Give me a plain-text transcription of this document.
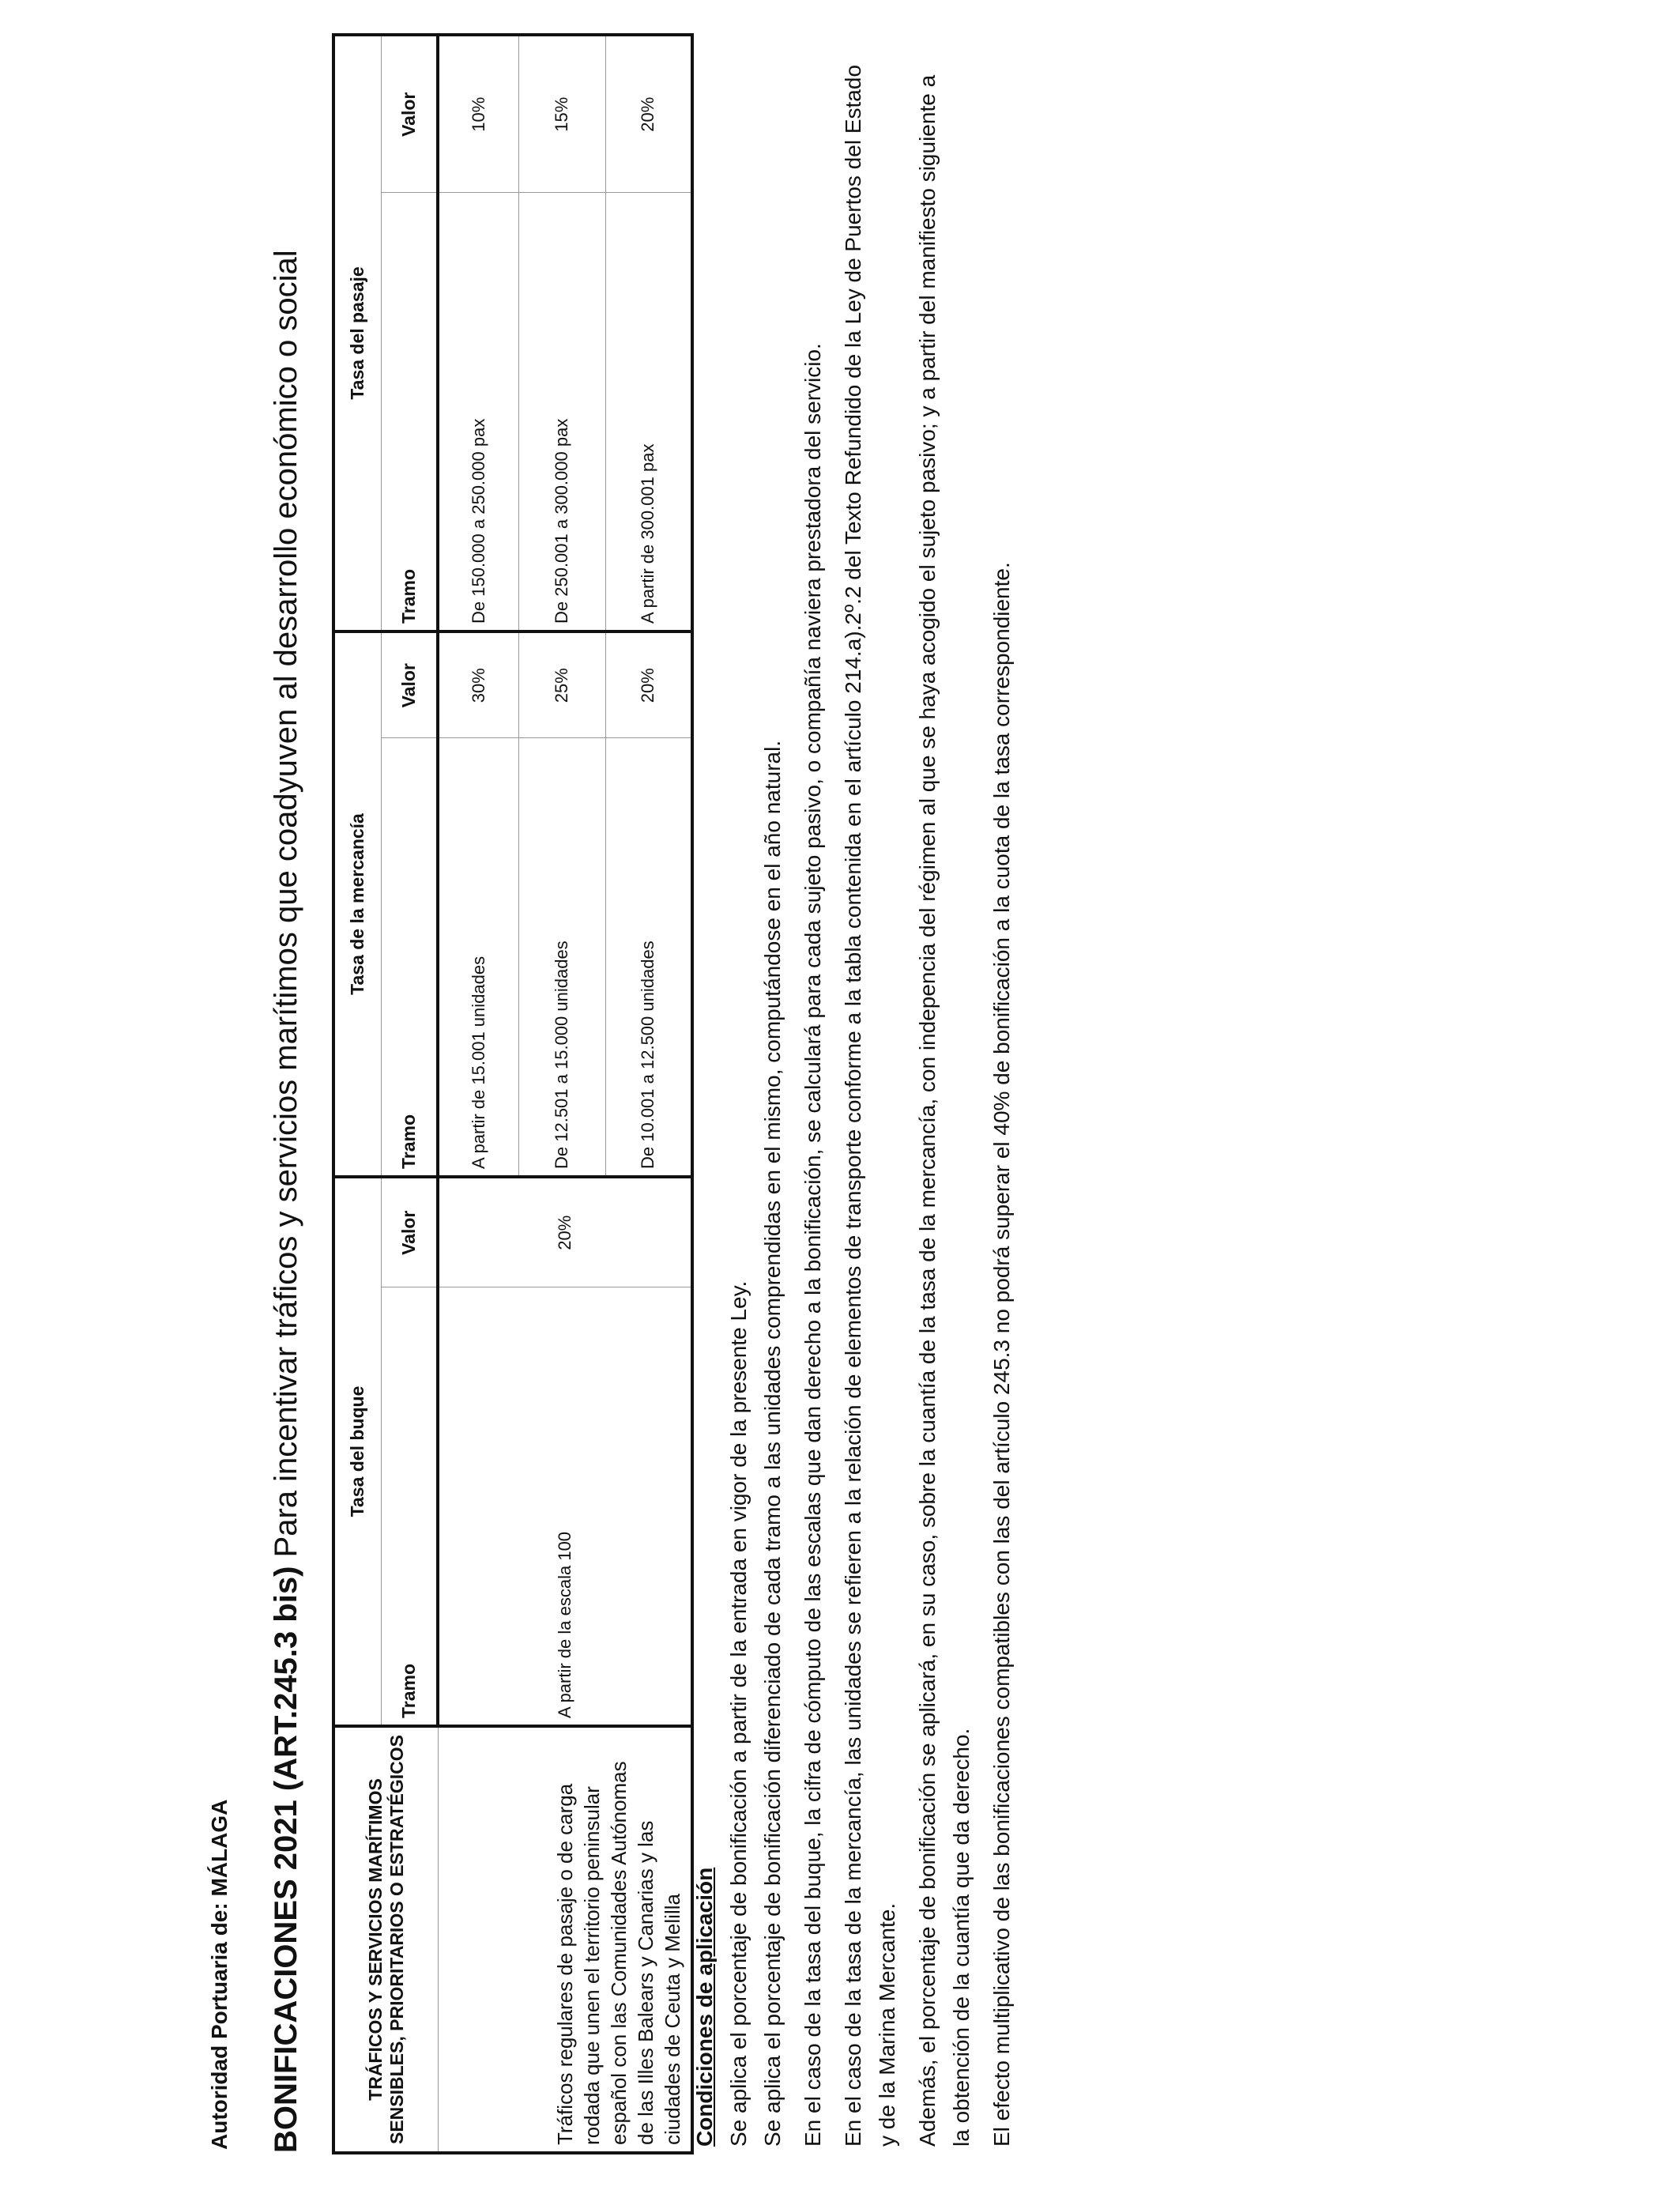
Autoridad Portuaria de: MÁLAGA BONIFICACIONES 2021 (ART.245.3 bis) Para incentivar tráficos y servicios marítimos que coadyuven al desarrollo económico o social
TRÁFICOS Y SERVICIOS MARÍTIMOS SENSIBLES, PRIORITARIOS O ESTRATÉGICOS	Tasa del buque		Tasa de la mercancía		Tasa del pasaje	
	Tramo	Valor	Tramo	Valor	Tramo	Valor
Tráficos regulares de pasaje o de carga rodada que unen el territorio peninsular español con las Comunidades Autónomas de las Illes Balears y Canarias y las ciudades de Ceuta y Melilla	A partir de la escala 100	20%	A partir de 15.001 unidades	30%	De 150.000 a 250.000 pax	10%
			De 12.501 a 15.000 unidades	25%	De 250.001 a 300.000 pax	15%
			De 10.001 a 12.500 unidades	20%	A partir de 300.001 pax	20%

Condiciones de aplicación Se aplica el porcentaje de bonificación a partir de la entrada en vigor de la presente Ley. Se aplica el porcentaje de bonificación diferenciado de cada tramo a las unidades comprendidas en el mismo, computándose en el año natural. En el caso de la tasa del buque, la cifra de cómputo de las escalas que dan derecho a la bonificación, se calculará para cada sujeto pasivo, o compañía naviera prestadora del servicio. En el caso de la tasa de la mercancía, las unidades se refieren a la relación de elementos de transporte conforme a la tabla contenida en el artículo 214.a).2º.2 del Texto Refundido de la Ley de Puertos del Estado y de la Marina Mercante. Además, el porcentaje de bonificación se aplicará, en su caso, sobre la cuantía de la tasa de la mercancía, con indepencia del régimen al que se haya acogido el sujeto pasivo; y a partir del manifiesto siguiente a la obtención de la cuantía que da derecho. El efecto multiplicativo de las bonificaciones compatibles con las del artículo 245.3 no podrá superar el 40% de bonificación a la cuota de la tasa correspondiente.
